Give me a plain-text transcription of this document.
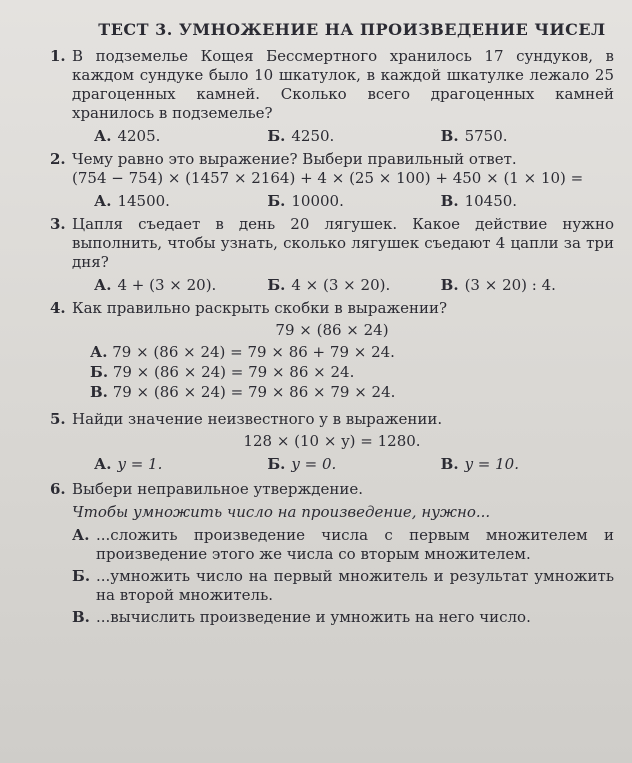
ТЕСТ 3. УМНОЖЕНИЕ НА ПРОИЗВЕДЕНИЕ ЧИСЕЛ
1. В подземелье Кощея Бессмертного хранилось 17 сундуков, в каждом сундуке было 10 шкатулок, в каждой шкатулке лежало 25 драгоценных камней. Сколько всего драгоценных камней хранилось в подземелье?
А. 4205.	Б. 4250.	В. 5750.
2. Чему равно это выражение? Выбери правильный ответ.
(754 − 754) × (1457 × 2164) + 4 × (25 × 100) + 450 × (1 × 10) =
А. 14500.	Б. 10000.	В. 10450.
3. Цапля съедает в день 20 лягушек. Какое действие нужно выполнить, чтобы узнать, сколько лягушек съедают 4 цапли за три дня?
А. 4 + (3 × 20).	Б. 4 × (3 × 20).	В. (3 × 20) : 4.
4. Как правильно раскрыть скобки в выражении?
79 × (86 × 24)
А. 79 × (86 × 24) = 79 × 86 + 79 × 24.
Б. 79 × (86 × 24) = 79 × 86 × 24.
В. 79 × (86 × 24) = 79 × 86 × 79 × 24.
5. Найди значение неизвестного y в выражении.
128 × (10 × y) = 1280.
А. y = 1.	Б. y = 0.	В. y = 10.
6. Выбери неправильное утверждение.
Чтобы умножить число на произведение, нужно...
А. ...сложить произведение числа с первым множителем и произведение этого же числа со вторым множителем.
Б. ...умножить число на первый множитель и результат умножить на второй множитель.
В. ...вычислить произведение и умножить на него число.
